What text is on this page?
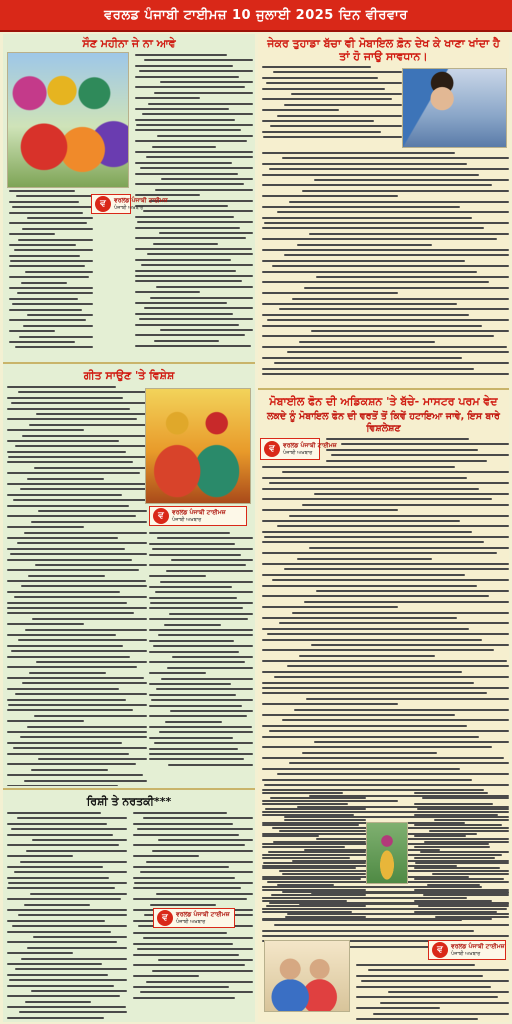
ਵਰਲਡ ਪੰਜਾਬੀ ਟਾਈਮਜ਼ 10 ਜੁਲਾਈ 2025 ਦਿਨ ਵੀਰਵਾਰ
ਸੌਣ ਮਹੀਨਾ ਜੇ ਨਾ ਆਵੇ
ਵ	ਵਰਲਡ ਪੰਜਾਬੀ ਟਾਈਮਜ਼
ਪੰਜਾਬੀ ਅਖ਼ਬਾਰ
ਗੀਤ ਸਾਉਣ 'ਤੇ ਵਿਸ਼ੇਸ਼
ਵ	ਵਰਲਡ ਪੰਜਾਬੀ ਟਾਈਮਜ਼
ਪੰਜਾਬੀ ਅਖ਼ਬਾਰ
ਰਿਸ਼ੀ ਤੇ ਨਰਤਕੀ***
ਵ	ਵਰਲਡ ਪੰਜਾਬੀ ਟਾਈਮਜ਼
ਪੰਜਾਬੀ ਅਖ਼ਬਾਰ
ਜੇਕਰ ਤੁਹਾਡਾ ਬੱਚਾ ਵੀ ਮੋਬਾਇਲ ਫ਼ੋਨ ਦੇਖ ਕੇ ਖਾਣਾ ਖਾਂਦਾ ਹੈ ਤਾਂ ਹੋ ਜਾਉ ਸਾਵਧਾਨ।
ਮੋਬਾਈਲ ਫੋਨ ਦੀ ਅਡਿਕਸ਼ਨ 'ਤੇ ਬੱਚੇ- ਮਾਸਟਰ ਪਰਮ ਵੇਦ
ਲਕਦੇ ਨੂੰ ਮੋਬਾਇਲ ਫੋਨ ਦੀ ਵਰਤੋਂ ਤੋਂ ਕਿਵੇਂ ਹਟਾਇਆ ਜਾਵੇ, ਇਸ ਬਾਰੇ ਵਿਸ਼ਲੇਸ਼ਣ
ਵ	ਵਰਲਡ ਪੰਜਾਬੀ ਟਾਈਮਜ਼
ਪੰਜਾਬੀ ਅਖ਼ਬਾਰ
ਵ	ਵਰਲਡ ਪੰਜਾਬੀ ਟਾਈਮਜ਼
ਪੰਜਾਬੀ ਅਖ਼ਬਾਰ
